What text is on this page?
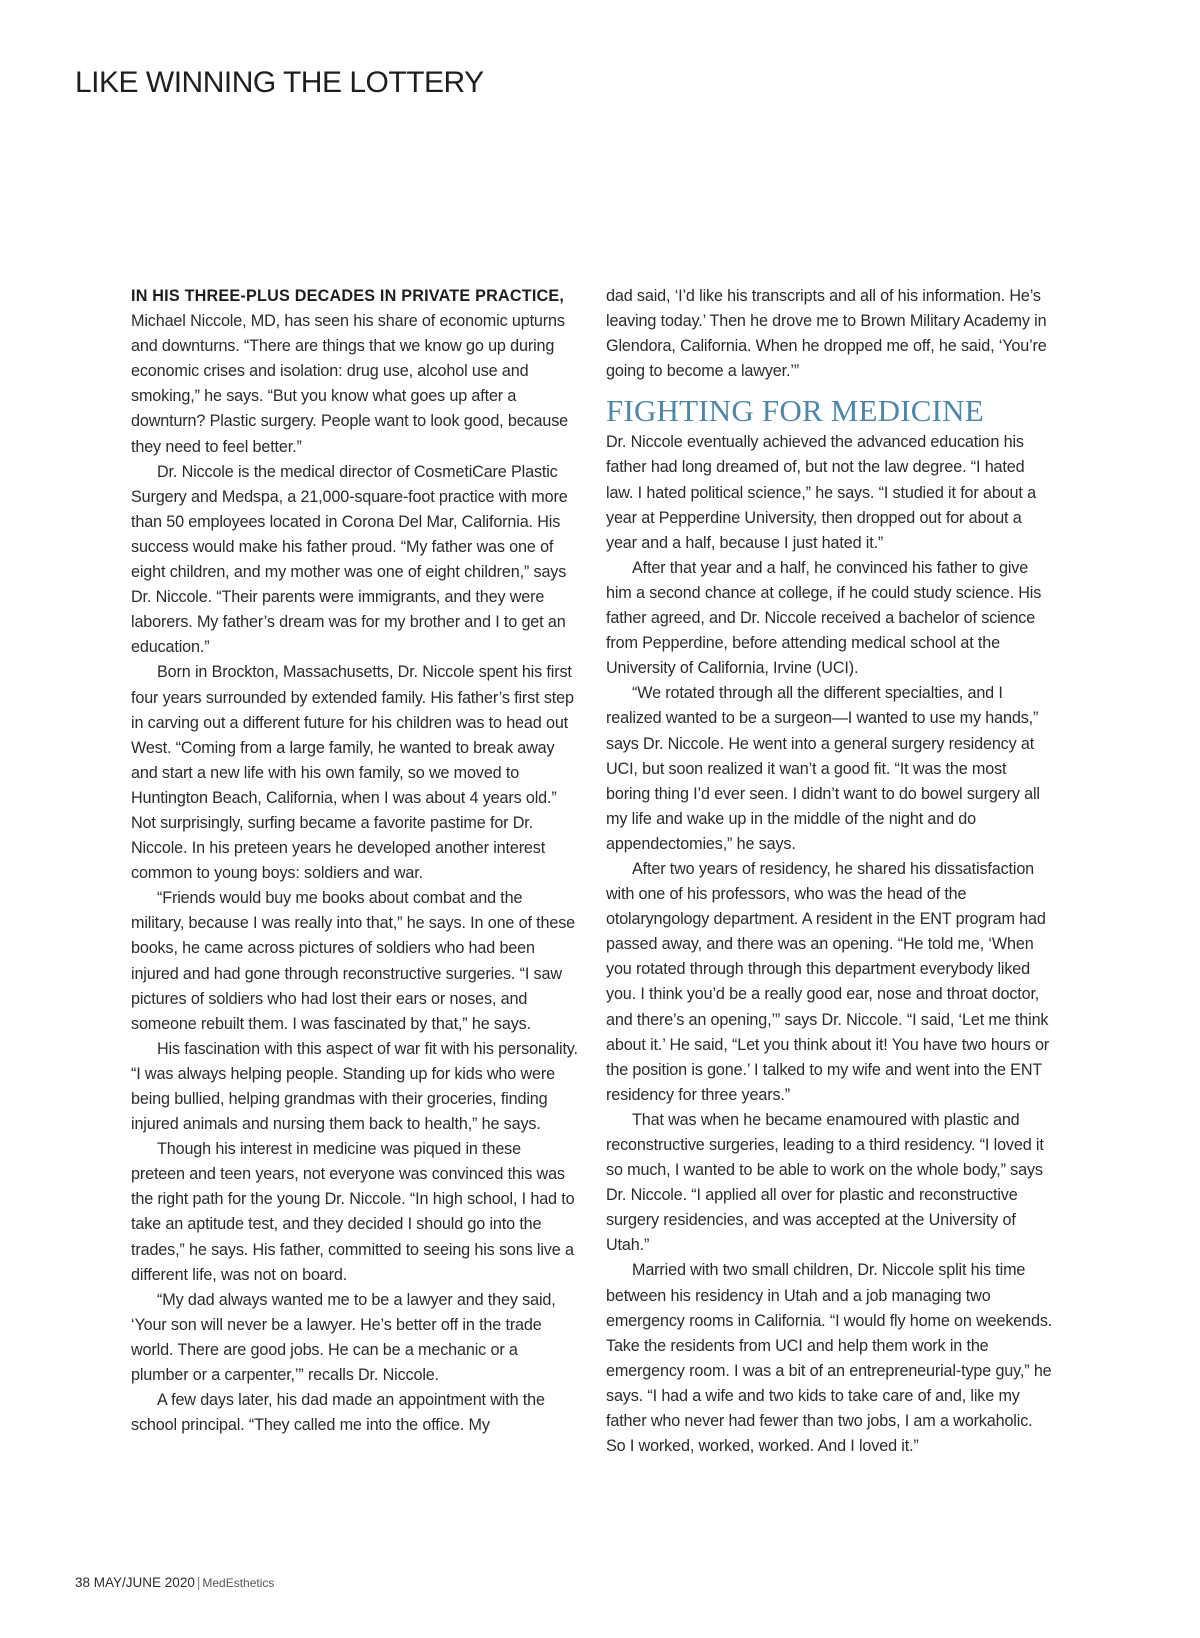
LIKE WINNING THE LOTTERY

IN HIS THREE-PLUS DECADES IN PRIVATE PRACTICE, Michael Niccole, MD, has seen his share of economic upturns and downturns. “There are things that we know go up during economic crises and isolation: drug use, alcohol use and smoking,” he says. “But you know what goes up after a downturn? Plastic surgery. People want to look good, because they need to feel better.”

Dr. Niccole is the medical director of CosmetiCare Plastic Surgery and Medspa, a 21,000-square-foot practice with more than 50 employees located in Corona Del Mar, California. His success would make his father proud. “My father was one of eight children, and my mother was one of eight children,” says Dr. Niccole. “Their parents were immigrants, and they were laborers. My father’s dream was for my brother and I to get an education.”

Born in Brockton, Massachusetts, Dr. Niccole spent his first four years surrounded by extended family. His father’s first step in carving out a different future for his children was to head out West. “Coming from a large family, he wanted to break away and start a new life with his own family, so we moved to Huntington Beach, California, when I was about 4 years old.” Not surprisingly, surfing became a favorite pastime for Dr. Niccole. In his preteen years he developed another interest common to young boys: soldiers and war.

“Friends would buy me books about combat and the military, because I was really into that,” he says. In one of these books, he came across pictures of soldiers who had been injured and had gone through reconstructive surgeries. “I saw pictures of soldiers who had lost their ears or noses, and someone rebuilt them. I was fascinated by that,” he says.

His fascination with this aspect of war fit with his personality. “I was always helping people. Standing up for kids who were being bullied, helping grandmas with their groceries, finding injured animals and nursing them back to health,” he says.

Though his interest in medicine was piqued in these preteen and teen years, not everyone was convinced this was the right path for the young Dr. Niccole. “In high school, I had to take an aptitude test, and they decided I should go into the trades,” he says. His father, committed to seeing his sons live a different life, was not on board.

“My dad always wanted me to be a lawyer and they said, ‘Your son will never be a lawyer. He’s better off in the trade world. There are good jobs. He can be a mechanic or a plumber or a carpenter,’” recalls Dr. Niccole.

A few days later, his dad made an appointment with the school principal. “They called me into the office. My

dad said, ‘I’d like his transcripts and all of his information. He’s leaving today.’ Then he drove me to Brown Military Academy in Glendora, California. When he dropped me off, he said, ‘You’re going to become a lawyer.’”

FIGHTING FOR MEDICINE

Dr. Niccole eventually achieved the advanced education his father had long dreamed of, but not the law degree. “I hated law. I hated political science,” he says. “I studied it for about a year at Pepperdine University, then dropped out for about a year and a half, because I just hated it.”

After that year and a half, he convinced his father to give him a second chance at college, if he could study science. His father agreed, and Dr. Niccole received a bachelor of science from Pepperdine, before attending medical school at the University of California, Irvine (UCI).

“We rotated through all the different specialties, and I realized wanted to be a surgeon—I wanted to use my hands,” says Dr. Niccole. He went into a general surgery residency at UCI, but soon realized it wan’t a good fit. “It was the most boring thing I’d ever seen. I didn’t want to do bowel surgery all my life and wake up in the middle of the night and do appendectomies,” he says.

After two years of residency, he shared his dissatisfaction with one of his professors, who was the head of the otolaryngology department. A resident in the ENT program had passed away, and there was an opening. “He told me, ‘When you rotated through through this department everybody liked you. I think you’d be a really good ear, nose and throat doctor, and there’s an opening,’” says Dr. Niccole. “I said, ‘Let me think about it.’ He said, “Let you think about it! You have two hours or the position is gone.’ I talked to my wife and went into the ENT residency for three years.”

That was when he became enamoured with plastic and reconstructive surgeries, leading to a third residency. “I loved it so much, I wanted to be able to work on the whole body,” says Dr. Niccole. “I applied all over for plastic and reconstructive surgery residencies, and was accepted at the University of Utah.”

Married with two small children, Dr. Niccole split his time between his residency in Utah and a job managing two emergency rooms in California. “I would fly home on weekends. Take the residents from UCI and help them work in the emergency room. I was a bit of an entrepreneurial-type guy,” he says. “I had a wife and two kids to take care of and, like my father who never had fewer than two jobs, I am a workaholic. So I worked, worked, worked. And I loved it.”

38 MAY/JUNE 2020 | MedEsthetics
